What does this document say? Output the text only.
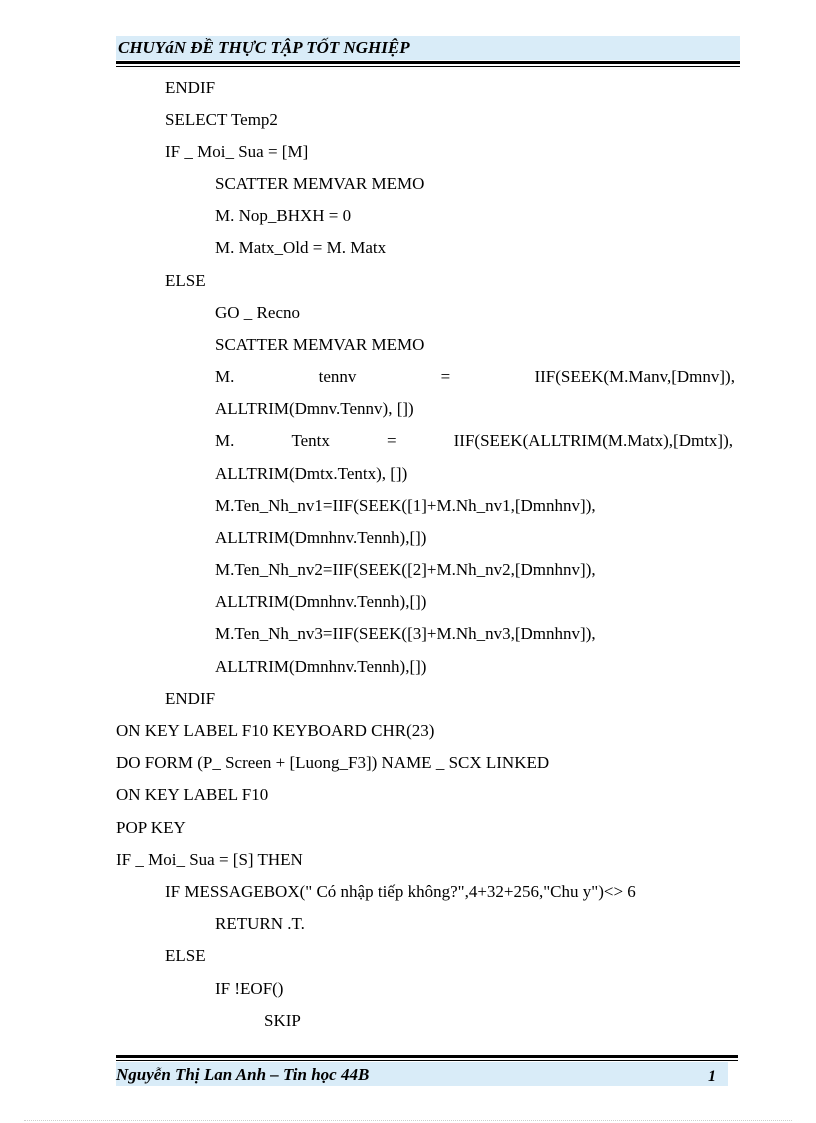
CHUYáN ĐỀ THỰC TẬP TỐT NGHIỆP
ENDIF
SELECT Temp2
IF _ Moi_ Sua = [M]
SCATTER MEMVAR MEMO
M. Nop_BHXH = 0
M. Matx_Old = M. Matx
ELSE
GO _ Recno
SCATTER MEMVAR MEMO
M.	tennv	=	IIF(SEEK(M.Manv,[Dmnv]),
ALLTRIM(Dmnv.Tennv), [])
M.	Tentx	=	IIF(SEEK(ALLTRIM(M.Matx),[Dmtx]),
ALLTRIM(Dmtx.Tentx), [])
M.Ten_Nh_nv1=IIF(SEEK([1]+M.Nh_nv1,[Dmnhnv]),
ALLTRIM(Dmnhnv.Tennh),[])
M.Ten_Nh_nv2=IIF(SEEK([2]+M.Nh_nv2,[Dmnhnv]),
ALLTRIM(Dmnhnv.Tennh),[])
M.Ten_Nh_nv3=IIF(SEEK([3]+M.Nh_nv3,[Dmnhnv]),
ALLTRIM(Dmnhnv.Tennh),[])
ENDIF
ON KEY LABEL F10 KEYBOARD CHR(23)
DO FORM (P_ Screen + [Luong_F3]) NAME _ SCX LINKED
ON KEY LABEL F10
POP KEY
IF _ Moi_ Sua = [S] THEN
IF MESSAGEBOX(" Có nhập tiếp không?",4+32+256,"Chu y")<> 6
RETURN .T.
ELSE
IF !EOF()
SKIP
Nguyễn Thị Lan Anh – Tin học 44B	1
